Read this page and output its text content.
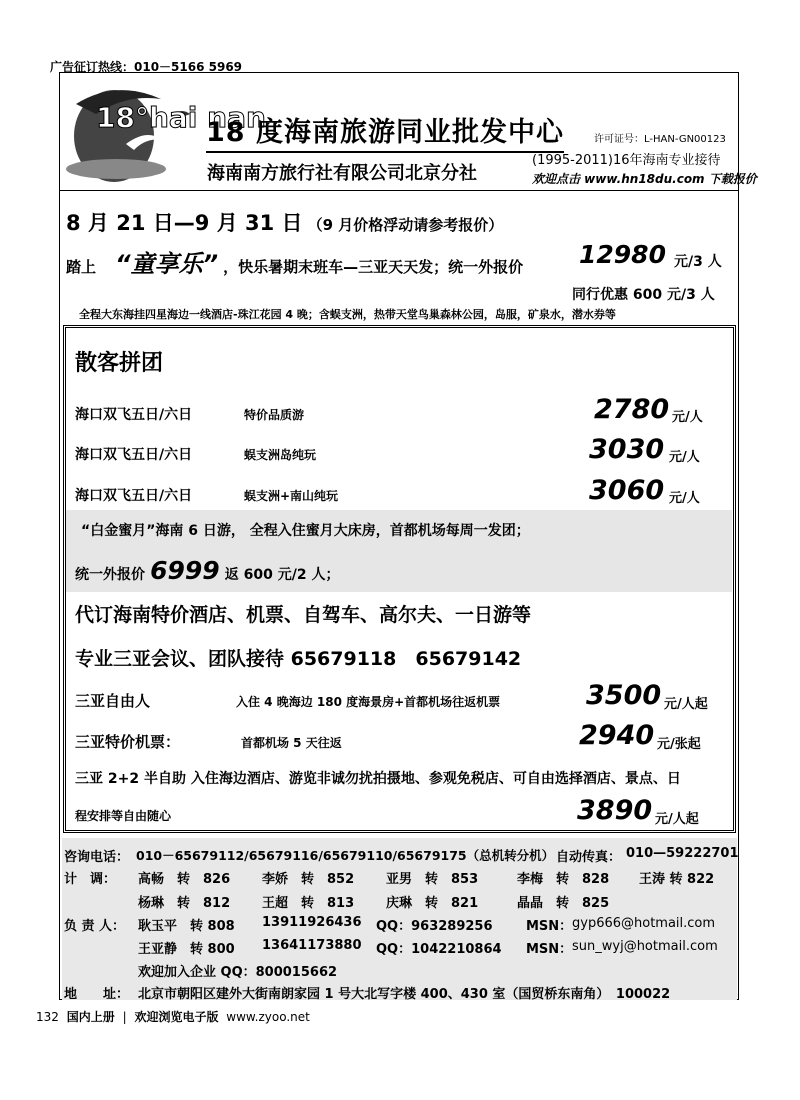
广告征订热线：010－5166 5969
18°hai nan
18 度海南旅游同业批发中心	许可证号：L-HAN-GN00123
海南南方旅行社有限公司北京分社
(1995-2011)16年海南专业接待
欢迎点击 www.hn18du.com 下载报价
8 月 21 日—9 月 31 日 （9 月价格浮动请参考报价）
踏上 “童享乐” ，快乐暑期末班车—三亚天天发；统一外报价 12980 元/3 人
同行优惠 600 元/3 人
全程大东海挂四星海边一线酒店-珠江花园 4 晚；含蜈支洲，热带天堂鸟巢森林公园，岛服，矿泉水，潜水券等
散客拼团
海口双飞五日/六日	特价品质游	2780 元/人
海口双飞五日/六日	蜈支洲岛纯玩	3030 元/人
海口双飞五日/六日	蜈支洲+南山纯玩	3060 元/人
“白金蜜月”海南 6 日游， 全程入住蜜月大床房，首都机场每周一发团；
统一外报价 6999 返 600 元/2 人；
代订海南特价酒店、机票、自驾车、高尔夫、一日游等
专业三亚会议、团队接待 65679118　65679142
三亚自由人	入住 4 晚海边 180 度海景房+首都机场往返机票	3500 元/人起
三亚特价机票：	首都机场 5 天往返	2940 元/张起
三亚 2+2 半自助 入住海边酒店、游览非诚勿扰拍摄地、参观免税店、可自由选择酒店、景点、日
程安排等自由随心	3890 元/人起
咨询电话： 010－65679112/65679116/65679110/65679175（总机转分机） 自动传真： 010—59222701
计　调： 高畅　转　826 李娇　转　852 亚男　转　853	李梅　转　828 王涛 转 822
杨琳　转　812 王超　转　813 庆琳　转　821	晶晶　转　825
负 责 人： 耿玉平　转 808 13911926436 QQ：963289256	MSN： gyp666@hotmail.com
王亚静　转 800 13641173880 QQ：1042210864 MSN： sun_wyj@hotmail.com
欢迎加入企业 QQ：800015662
地　　址： 北京市朝阳区建外大街南朗家园 1 号大北写字楼 400、430 室（国贸桥东南角）　100022
132 国内上册 | 欢迎浏览电子版 www.zyoo.net
